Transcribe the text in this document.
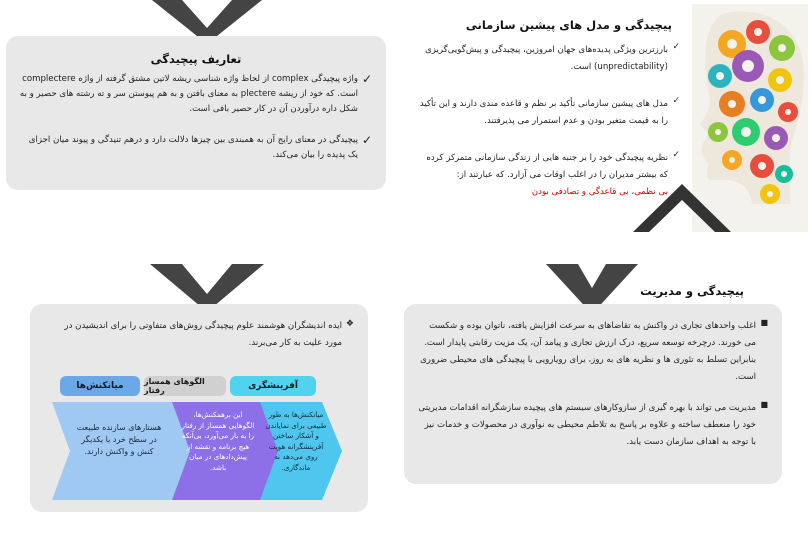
تعاریف پیچیدگی
✓

واژه پیچیدگی complex از لحاظ واژه شناسی ریشه لاتین مشتق گرفته از واژه complectere است. که خود از ریشه plectere به معنای بافتن و به هم پیوستن سر و ته رشته های حصیر و به شکل داره درآوردن آن در کار حصیر بافی است.

✓

پیچیدگی در معنای رایج آن به همبندی بین چیزها دلالت دارد و درهم تنیدگی و پیوند میان اجزای یک پدیده را بیان می‌کند.

پیچیدگی و مدل های پیشین سازمانی
✓

بارزترین ویژگی پدیده‌های جهان امروزین، پیچیدگی و پیش‌گویی‌گریزی (unpredictability) است.

✓

مدل های پیشین سازمانی تأکید بر نظم و قاعده مندی دارند و این تأکید را به قیمت متغیر بودن و عدم استمرار می پذیرفتند.

✓

نظریه پیچیدگی خود را بر جنبه هایی از زندگی سازمانی متمرکز کرده که بیشتر مدیران را در اغلب اوقات می آزارد. که عبارتند از:

بی نظمی، بی قاعدگی و تصادفی بودن

❖

ایده اندیشگران هوشمند علوم پیچیدگی روش‌های متفاوتی را برای اندیشیدن در مورد علیت به کار می‌برند.

آفرینشگری
الگوهای همساز رفتار
میانکنش‌ها
میانکنش‌ها به طور طبیعی برای نمایاندن و آشکار ساختن آفرینشگرانه هویت روی می‌دهد نه ماندگاری.
این برهمکنش‌ها، الگوهایی همساز از رفتار را به بار می‌آورد، بی‌آنکه هیچ برنامه و نقشه از پیش‌دادهای در میان باشد.
هستارهای سازنده طبیعت در سطح خرد با یکدیگر کنش و واکنش دارند.
پیچیدگی و مدیریت
■

اغلب واحدهای تجاری در واکنش به تقاضاهای به سرعت افزایش یافته، ناتوان بوده و شکست می خورند. درچرخه توسعه سریع، درک ارزش تجاری و پیامد آن، یک مزیت رقابتی پایدار است. بنابراین تسلط به تئوری ها و نظریه های به روز، برای رویارویی با پیچیدگی های محیطی ضروری است.

■

مدیریت می تواند با بهره گیری از سازوکارهای سیستم های پیچیده سازشگرانه اقدامات مدیریتی خود را منعطف ساخته و علاوه بر پاسخ به تلاطم محیطی به نوآوری در محصولات و خدمات نیز با توجه به اهداف سازمان دست یابد.
